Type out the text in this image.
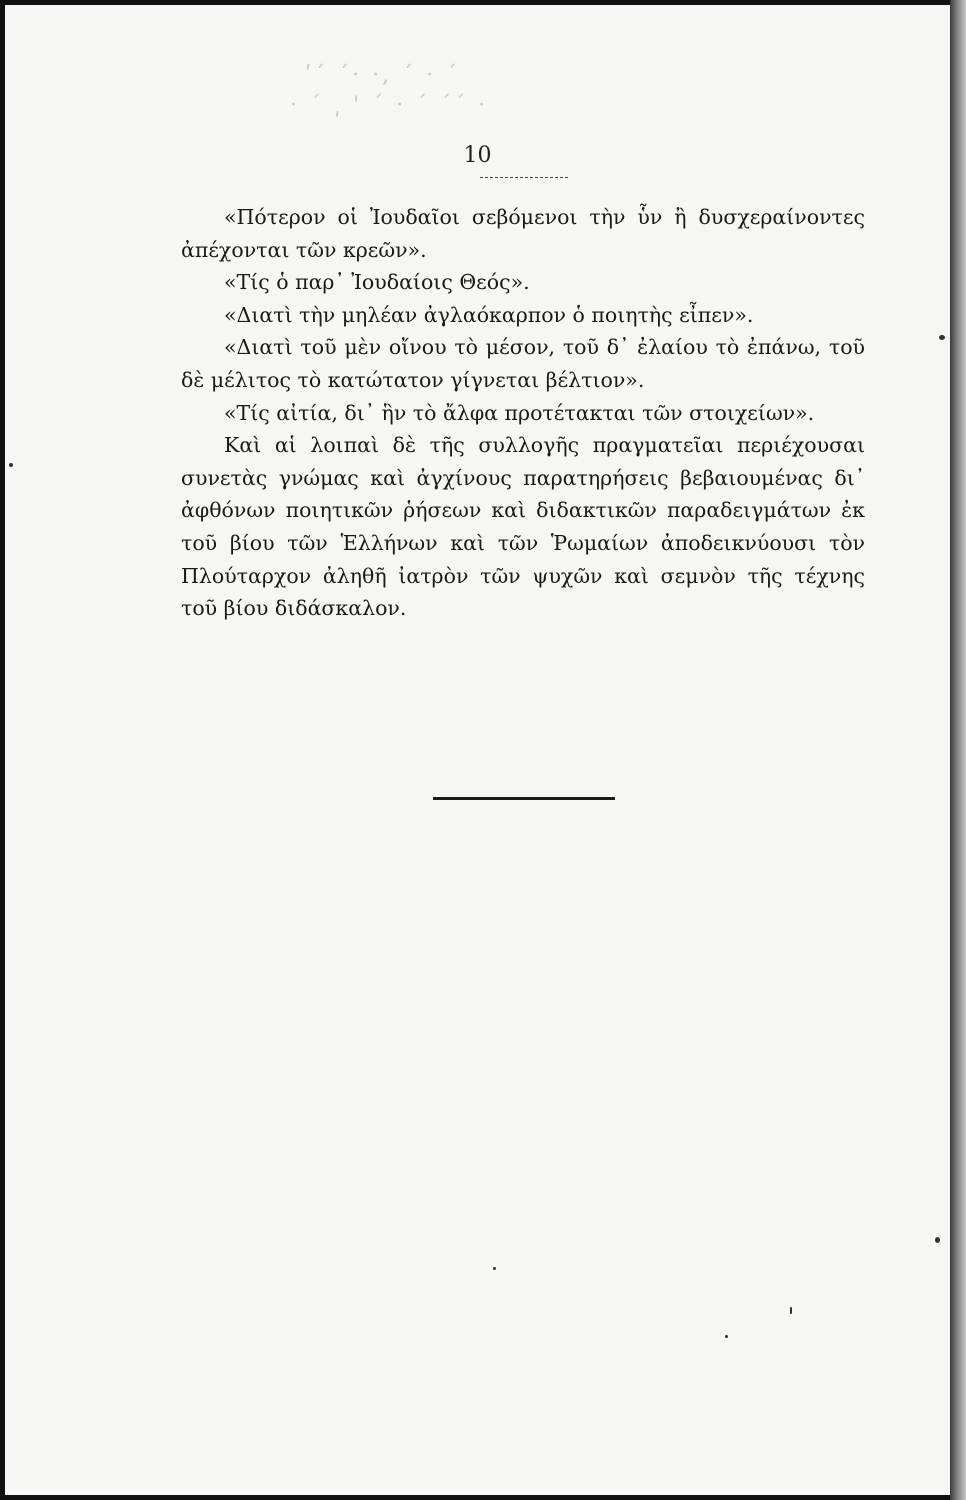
ʹ΄ ΄· ·, ΄ · ΄
· ΄ ͵ ' ΄ · ΄ ΄΄ ·
10

«Πότερον οἱ Ἰουδαῖοι σεβόμενοι τὴν ὗν ἢ δυσχεραίνοντες ἀπέχονται τῶν κρεῶν».

«Τίς ὁ παρ᾽ Ἰουδαίοις Θεός».

«Διατὶ τὴν μηλέαν ἀγλαόκαρπον ὁ ποιητὴς εἶπεν».

«Διατὶ τοῦ μὲν οἴνου τὸ μέσον, τοῦ δ᾽ ἐλαίου τὸ ἐπάνω, τοῦ δὲ μέλιτος τὸ κατώτατον γίγνεται βέλτιον».

«Τίς αἰτία, δι᾽ ἣν τὸ ἄλφα προτέτακται τῶν στοιχείων».

Καὶ αἱ λοιπαὶ δὲ τῆς συλλογῆς πραγματεῖαι περιέχουσαι συνετὰς γνώμας καὶ ἀγχίνους παρατηρήσεις βεβαιουμένας δι᾽ ἀφθόνων ποιητικῶν ῥήσεων καὶ διδακτικῶν παραδειγμάτων ἐκ τοῦ βίου τῶν Ἑλλήνων καὶ τῶν Ῥωμαίων ἀποδεικνύουσι τὸν Πλούταρχον ἀληθῆ ἰατρὸν τῶν ψυχῶν καὶ σεμνὸν τῆς τέχνης τοῦ βίου διδάσκαλον.
